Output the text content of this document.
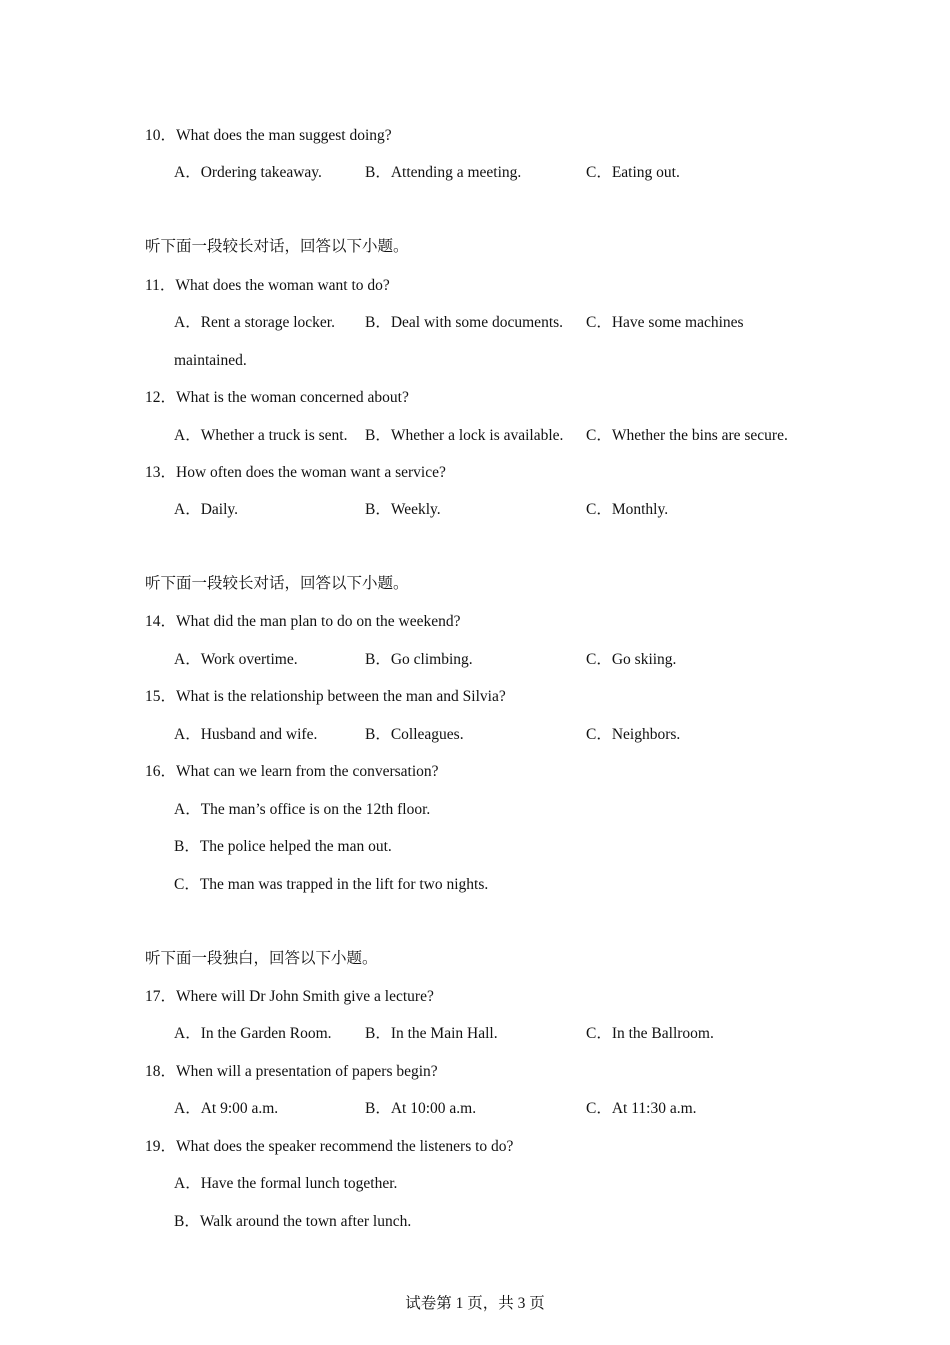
10．What does the man suggest doing?
A．Ordering takeaway.	B．Attending a meeting.	C．Eating out.
听下面一段较长对话，回答以下小题。
11．What does the woman want to do?
A．Rent a storage locker. B．Deal with some documents. C．Have some machines
maintained.
12．What is the woman concerned about?
A．Whether a truck is sent. B．Whether a lock is available. C．Whether the bins are secure.
13．How often does the woman want a service?
A．Daily.	B．Weekly.	C．Monthly.
听下面一段较长对话，回答以下小题。
14．What did the man plan to do on the weekend?
A．Work overtime.	B．Go climbing.	C．Go skiing.
15．What is the relationship between the man and Silvia?
A．Husband and wife.	B．Colleagues.	C．Neighbors.
16．What can we learn from the conversation?
A．The man’s office is on the 12th floor.
B．The police helped the man out.
C．The man was trapped in the lift for two nights.
听下面一段独白，回答以下小题。
17．Where will Dr John Smith give a lecture?
A．In the Garden Room. B．In the Main Hall.	C．In the Ballroom.
18．When will a presentation of papers begin?
A．At 9:00 a.m.	B．At 10:00 a.m.	C．At 11:30 a.m.
19．What does the speaker recommend the listeners to do?
A．Have the formal lunch together.
B．Walk around the town after lunch.
试卷第 1 页，共 3 页
